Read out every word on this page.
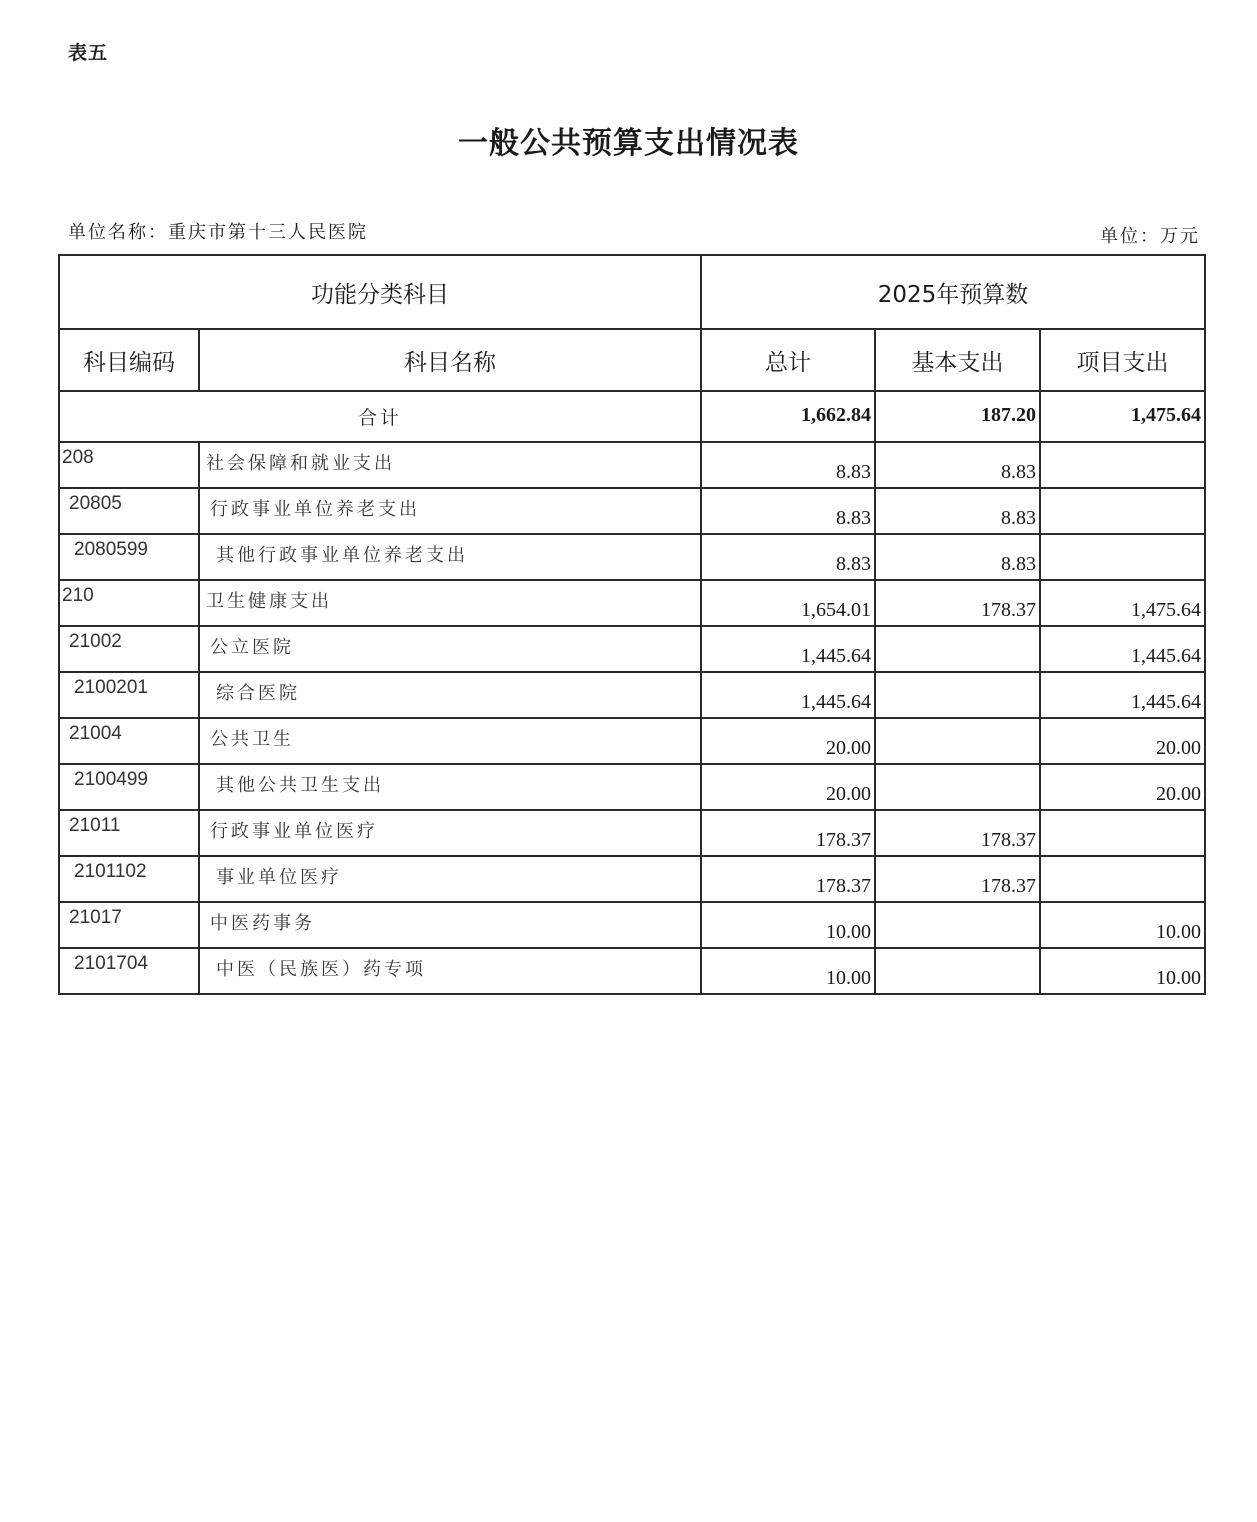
表五
一般公共预算支出情况表
单位名称：重庆市第十三人民医院	单位：万元
功能分类科目		2025年预算数		
科目编码	科目名称	总计	基本支出	项目支出
合计		1,662.84	187.20	1,475.64
208	社会保障和就业支出	8.83	8.83	
20805	行政事业单位养老支出	8.83	8.83	
2080599	其他行政事业单位养老支出	8.83	8.83	
210	卫生健康支出	1,654.01	178.37	1,475.64
21002	公立医院	1,445.64		1,445.64
2100201	综合医院	1,445.64		1,445.64
21004	公共卫生	20.00		20.00
2100499	其他公共卫生支出	20.00		20.00
21011	行政事业单位医疗	178.37	178.37	
2101102	事业单位医疗	178.37	178.37	
21017	中医药事务	10.00		10.00
2101704	中医（民族医）药专项	10.00		10.00
